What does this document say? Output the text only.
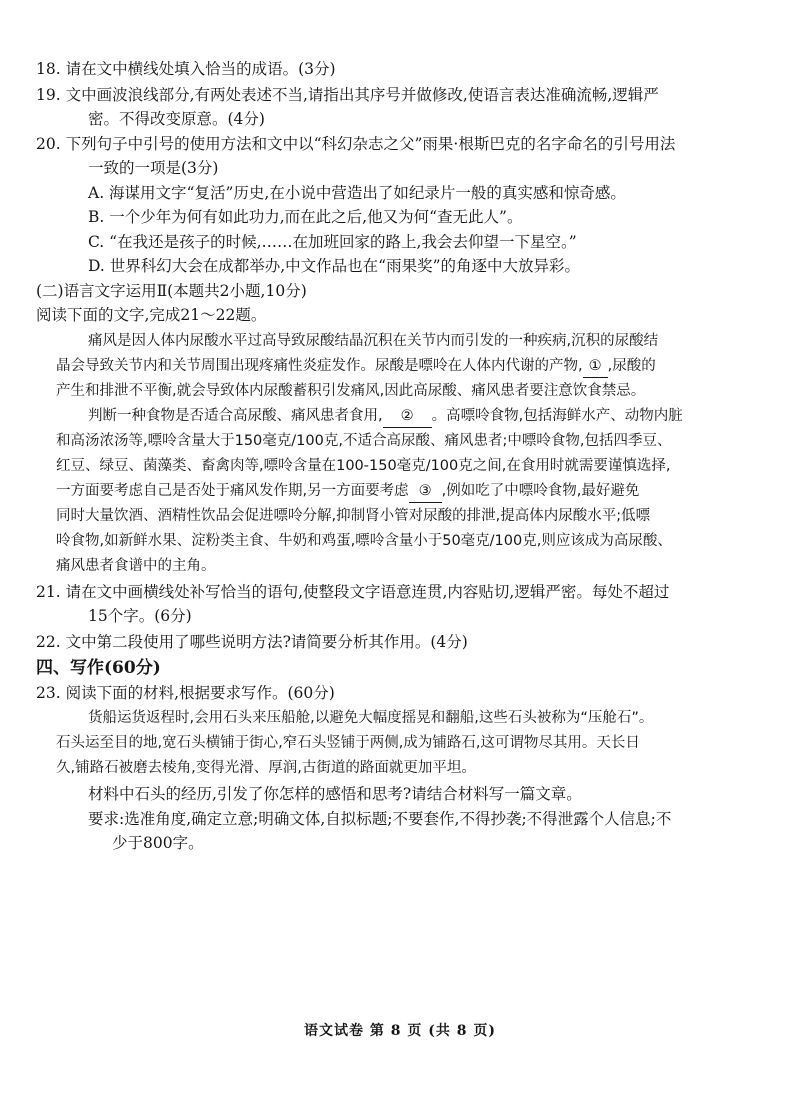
18. 请在文中横线处填入恰当的成语。(3分)
19. 文中画波浪线部分,有两处表述不当,请指出其序号并做修改,使语言表达准确流畅,逻辑严
密。不得改变原意。(4分)
20. 下列句子中引号的使用方法和文中以“科幻杂志之父”雨果·根斯巴克的名字命名的引号用法
一致的一项是(3分)
A. 海谋用文字“复活”历史,在小说中营造出了如纪录片一般的真实感和惊奇感。
B. 一个少年为何有如此功力,而在此之后,他又为何“查无此人”。
C. “在我还是孩子的时候,……在加班回家的路上,我会去仰望一下星空。”
D. 世界科幻大会在成都举办,中文作品也在“雨果奖”的角逐中大放异彩。
(二)语言文字运用Ⅱ(本题共2小题,10分)
阅读下面的文字,完成21～22题。
痛风是因人体内尿酸水平过高导致尿酸结晶沉积在关节内而引发的一种疾病,沉积的尿酸结
晶会导致关节内和关节周围出现疼痛性炎症发作。尿酸是嘌呤在人体内代谢的产物, ① ,尿酸的
产生和排泄不平衡,就会导致体内尿酸蓄积引发痛风,因此高尿酸、痛风患者要注意饮食禁忌。
判断一种食物是否适合高尿酸、痛风患者食用, ② 。高嘌呤食物,包括海鲜水产、动物内脏
和高汤浓汤等,嘌呤含量大于150毫克/100克,不适合高尿酸、痛风患者;中嘌呤食物,包括四季豆、
红豆、绿豆、菌藻类、畜禽肉等,嘌呤含量在100-150毫克/100克之间,在食用时就需要谨慎选择,
一方面要考虑自己是否处于痛风发作期,另一方面要考虑 ③ ,例如吃了中嘌呤食物,最好避免
同时大量饮酒、酒精性饮品会促进嘌呤分解,抑制肾小管对尿酸的排泄,提高体内尿酸水平;低嘌
呤食物,如新鲜水果、淀粉类主食、牛奶和鸡蛋,嘌呤含量小于50毫克/100克,则应该成为高尿酸、
痛风患者食谱中的主角。
21. 请在文中画横线处补写恰当的语句,使整段文字语意连贯,内容贴切,逻辑严密。每处不超过
15个字。(6分)
22. 文中第二段使用了哪些说明方法?请简要分析其作用。(4分)
四、写作(60分)
23. 阅读下面的材料,根据要求写作。(60分)
货船运货返程时,会用石头来压船舱,以避免大幅度摇晃和翻船,这些石头被称为“压舱石”。
石头运至目的地,宽石头横铺于街心,窄石头竖铺于两侧,成为铺路石,这可谓物尽其用。天长日
久,铺路石被磨去棱角,变得光滑、厚润,古街道的路面就更加平坦。
材料中石头的经历,引发了你怎样的感悟和思考?请结合材料写一篇文章。
要求:选准角度,确定立意;明确文体,自拟标题;不要套作,不得抄袭;不得泄露个人信息;不
少于800字。
语文试卷 第 8 页 (共 8 页)
